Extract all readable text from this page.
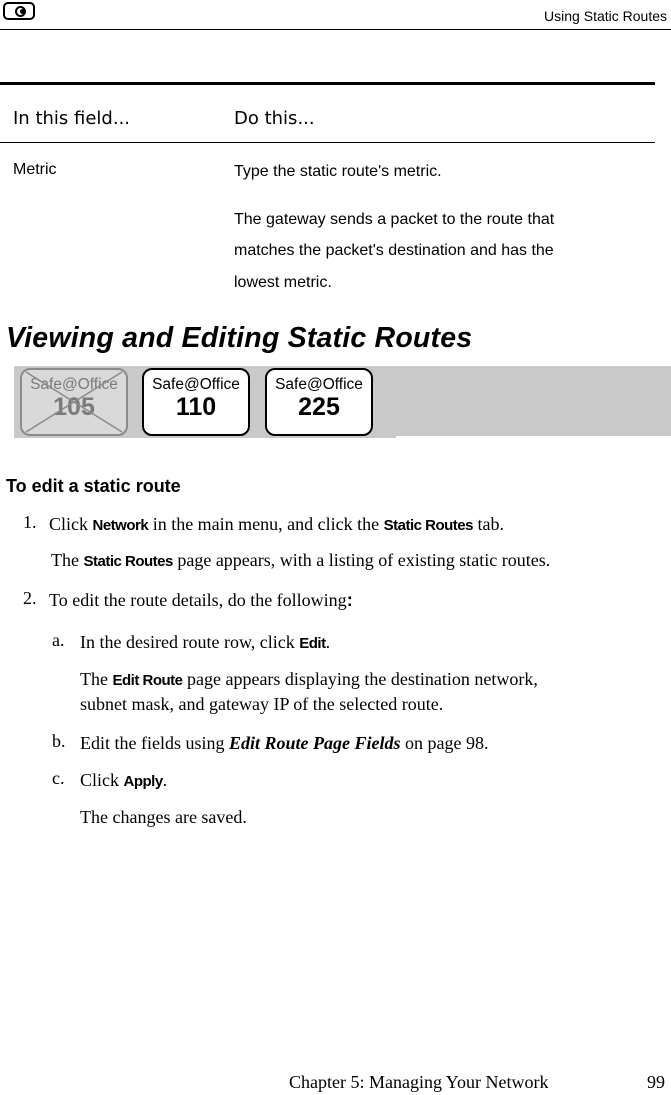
Using Static Routes
In this field...	Do this...
Metric	Type the static route's metric.
The gateway sends a packet to the route that
matches the packet's destination and has the
lowest metric.
Viewing and Editing Static Routes
Safe@Office
105
Safe@Office
110
Safe@Office
225
To edit a static route
1. Click Network in the main menu, and click the Static Routes tab.
The Static Routes page appears, with a listing of existing static routes.
2. To edit the route details, do the following:
a. In the desired route row, click Edit.
The Edit Route page appears displaying the destination network,
subnet mask, and gateway IP of the selected route.
b. Edit the fields using Edit Route Page Fields on page 98.
c. Click Apply.
The changes are saved.
Chapter 5: Managing Your Network	99
